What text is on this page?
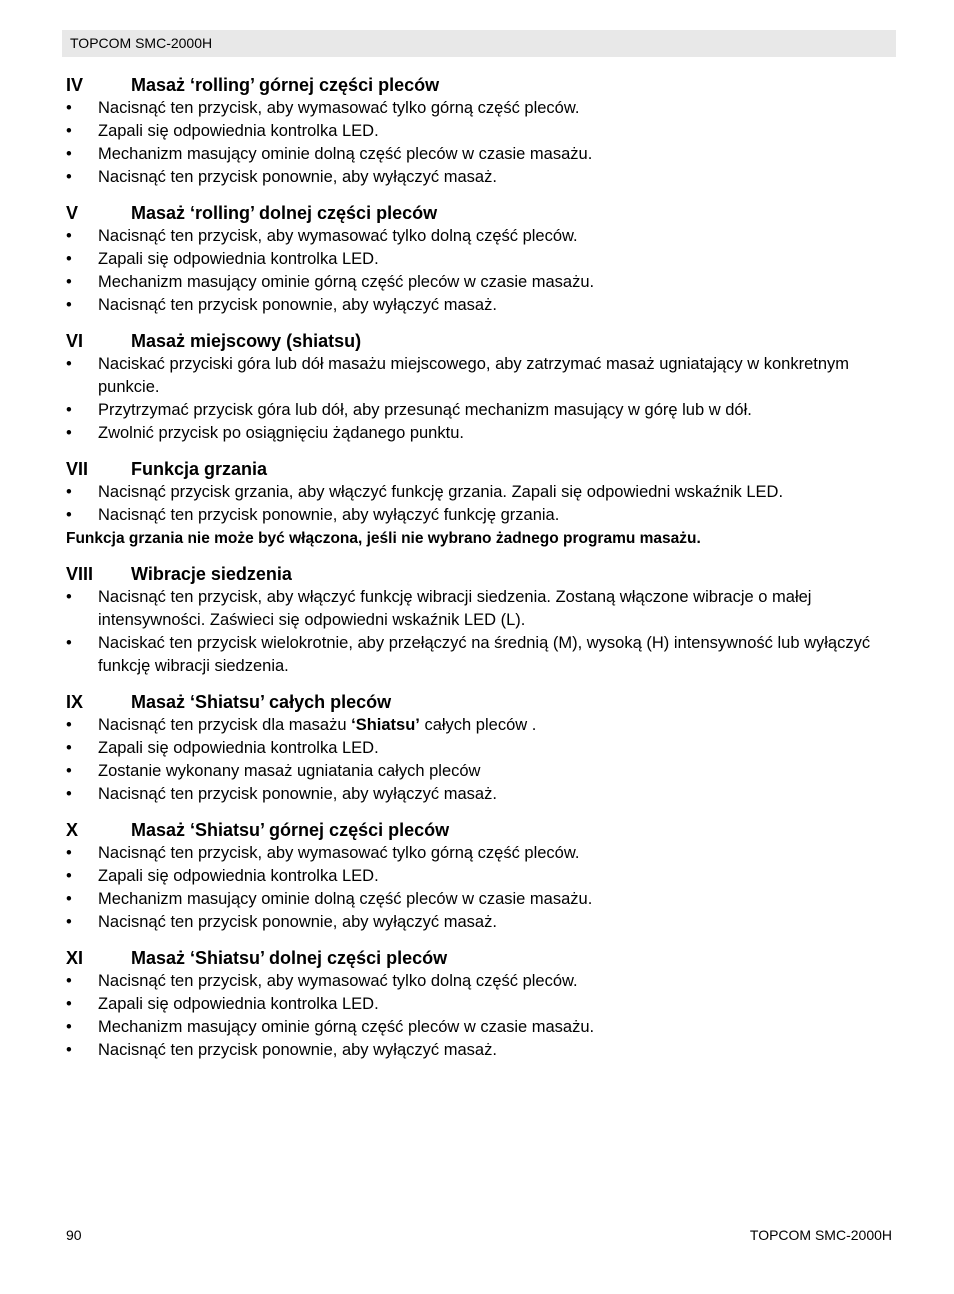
TOPCOM SMC-2000H
IV	Masaż ‘rolling’ górnej części pleców
•	Nacisnąć ten przycisk, aby wymasować tylko górną część pleców.
•	Zapali się odpowiednia kontrolka LED.
•	Mechanizm masujący ominie dolną część pleców w czasie masażu.
•	Nacisnąć ten przycisk ponownie, aby wyłączyć masaż.
V	Masaż ‘rolling’ dolnej części pleców
•	Nacisnąć ten przycisk, aby wymasować tylko dolną część pleców.
•	Zapali się odpowiednia kontrolka LED.
•	Mechanizm masujący ominie górną część pleców w czasie masażu.
•	Nacisnąć ten przycisk ponownie, aby wyłączyć masaż.
VI	Masaż miejscowy (shiatsu)
•	Naciskać przyciski góra lub dół masażu miejscowego, aby zatrzymać masaż ugniatający w konkretnym punkcie.
•	Przytrzymać przycisk góra lub dół, aby przesunąć mechanizm masujący w górę lub w dół.
•	Zwolnić przycisk po osiągnięciu żądanego punktu.
VII	Funkcja grzania
•	Nacisnąć przycisk grzania, aby włączyć funkcję grzania. Zapali się odpowiedni wskaźnik LED.
•	Nacisnąć ten przycisk ponownie, aby wyłączyć funkcję grzania.
Funkcja grzania nie może być włączona, jeśli nie wybrano żadnego programu masażu.
VIII	Wibracje siedzenia
•	Nacisnąć ten przycisk, aby włączyć funkcję wibracji siedzenia. Zostaną włączone wibracje o małej intensywności. Zaświeci się odpowiedni wskaźnik LED (L).
•	Naciskać ten przycisk wielokrotnie, aby przełączyć na średnią (M), wysoką (H) intensywność lub wyłączyć funkcję wibracji siedzenia.
IX	Masaż ‘Shiatsu’ całych pleców
•	Nacisnąć ten przycisk dla masażu ‘Shiatsu’ całych pleców .
•	Zapali się odpowiednia kontrolka LED.
•	Zostanie wykonany masaż ugniatania całych pleców
•	Nacisnąć ten przycisk ponownie, aby wyłączyć masaż.
X	Masaż ‘Shiatsu’ górnej części pleców
•	Nacisnąć ten przycisk, aby wymasować tylko górną część pleców.
•	Zapali się odpowiednia kontrolka LED.
•	Mechanizm masujący ominie dolną część pleców w czasie masażu.
•	Nacisnąć ten przycisk ponownie, aby wyłączyć masaż.
XI	Masaż ‘Shiatsu’ dolnej części pleców
•	Nacisnąć ten przycisk, aby wymasować tylko dolną część pleców.
•	Zapali się odpowiednia kontrolka LED.
•	Mechanizm masujący ominie górną część pleców w czasie masażu.
•	Nacisnąć ten przycisk ponownie, aby wyłączyć masaż.
90	TOPCOM SMC-2000H
